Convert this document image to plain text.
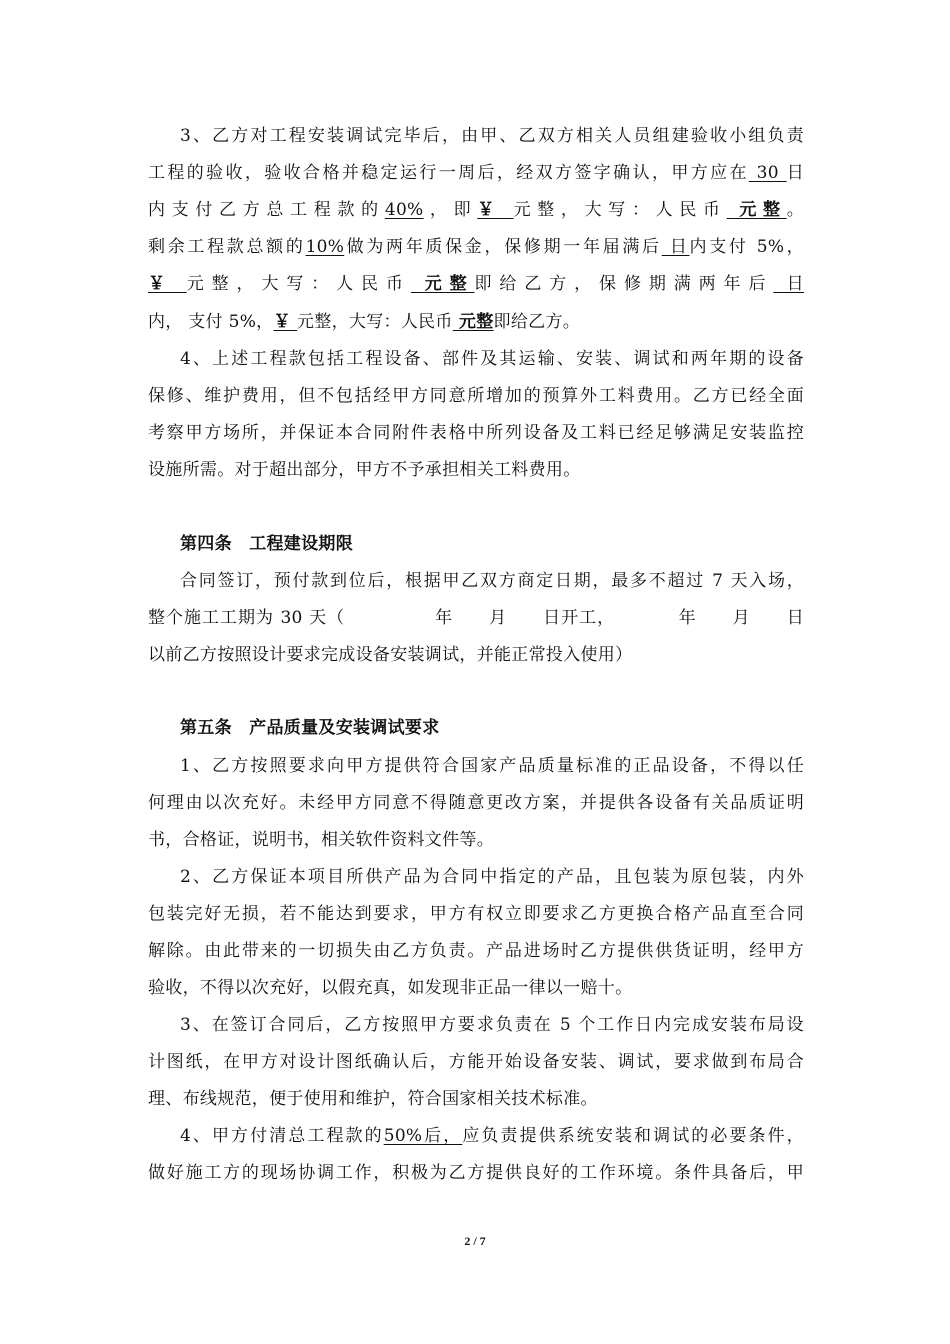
3、乙方对工程安装调试完毕后，由甲、乙双方相关人员组建验收小组负责
工程的验收，验收合格并稳定运行一周后，经双方签字确认，甲方应在 30 日
内支付乙方总工程款的40%，即￥ 元整，大写：人民币 元整。
剩余工程款总额的10%做为两年质保金，保修期一年届满后 日内支付 5%，
￥ 元整，大写：人民币 元整即给乙方，保修期满两年后 日
内， 支付 5%，￥ 元整，大写：人民币 元整即给乙方。
4、上述工程款包括工程设备、部件及其运输、安装、调试和两年期的设备
保修、维护费用，但不包括经甲方同意所增加的预算外工料费用。乙方已经全面
考察甲方场所，并保证本合同附件表格中所列设备及工料已经足够满足安装监控
设施所需。对于超出部分，甲方不予承担相关工料费用。
第四条　工程建设期限
合同签订，预付款到位后，根据甲乙双方商定日期，最多不超过 7 天入场，
整个施工工期为 30 天（　　　　　年　　月　　日开工，　　　　年　　月　　日
以前乙方按照设计要求完成设备安装调试，并能正常投入使用）
第五条　产品质量及安装调试要求
1、乙方按照要求向甲方提供符合国家产品质量标准的正品设备，不得以任
何理由以次充好。未经甲方同意不得随意更改方案，并提供各设备有关品质证明
书，合格证，说明书，相关软件资料文件等。
2、乙方保证本项目所供产品为合同中指定的产品，且包装为原包装，内外
包装完好无损，若不能达到要求，甲方有权立即要求乙方更换合格产品直至合同
解除。由此带来的一切损失由乙方负责。产品进场时乙方提供供货证明，经甲方
验收，不得以次充好，以假充真，如发现非正品一律以一赔十。
3、在签订合同后，乙方按照甲方要求负责在 5 个工作日内完成安装布局设
计图纸，在甲方对设计图纸确认后，方能开始设备安装、调试，要求做到布局合
理、布线规范，便于使用和维护，符合国家相关技术标准。
4、甲方付清总工程款的50%后，应负责提供系统安装和调试的必要条件，
做好施工方的现场协调工作，积极为乙方提供良好的工作环境。条件具备后，甲
2 / 7
